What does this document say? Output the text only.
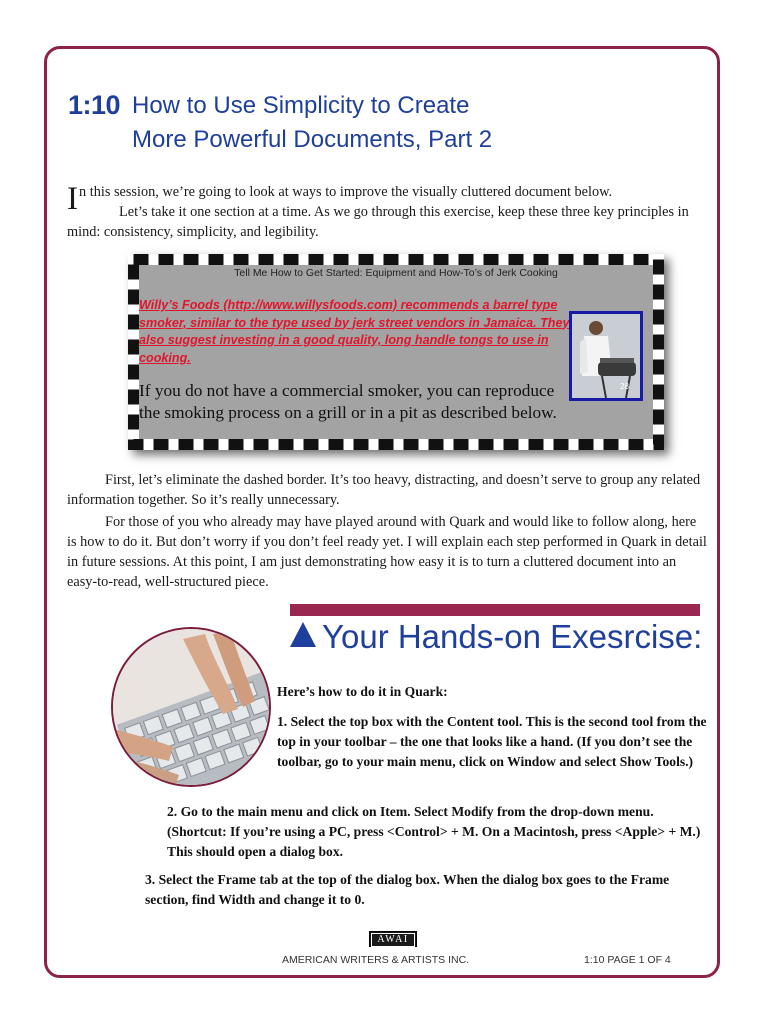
1:10 How to Use Simplicity to Create
More Powerful Documents, Part 2
I n this session, we’re going to look at ways to improve the visually cluttered document below.

Let’s take it one section at a time. As we go through this exercise, keep these three key principles in mind: consistency, simplicity, and legibility.

Tell Me How to Get Started: Equipment and How-To’s of Jerk Cooking
Willy’s Foods (http://www.willysfoods.com) recommends a barrel type smoker, similar to the type used by jerk street vendors in Jamaica. They also suggest investing in a good quality, long handle tongs to use in cooking.
If you do not have a commercial smoker, you can reproduce the smoking process on a grill or in a pit as described below.
28

First, let’s eliminate the dashed border. It’s too heavy, distracting, and doesn’t serve to group any related information together. So it’s really unnecessary.

For those of you who already may have played around with Quark and would like to follow along, here is how to do it. But don’t worry if you don’t feel ready yet. I will explain each step performed in Quark in detail in future sessions. At this point, I am just demonstrating how easy it is to turn a cluttered document into an easy-to-read, well-structured piece.

Your Hands-on Exesrcise:

Here’s how to do it in Quark:

1. Select the top box with the Content tool. This is the second tool from the top in your toolbar – the one that looks like a hand. (If you don’t see the toolbar, go to your main menu, click on Window and select Show Tools.)

2. Go to the main menu and click on Item. Select Modify from the drop-down menu. (Shortcut: If you’re using a PC, press <Control> + M. On a Macintosh, press <Apple> + M.) This should open a dialog box.

3. Select the Frame tab at the top of the dialog box. When the dialog box goes to the Frame section, find Width and change it to 0.

AWAI
AMERICAN WRITERS & ARTISTS INC.	1:10 PAGE 1 OF 4
